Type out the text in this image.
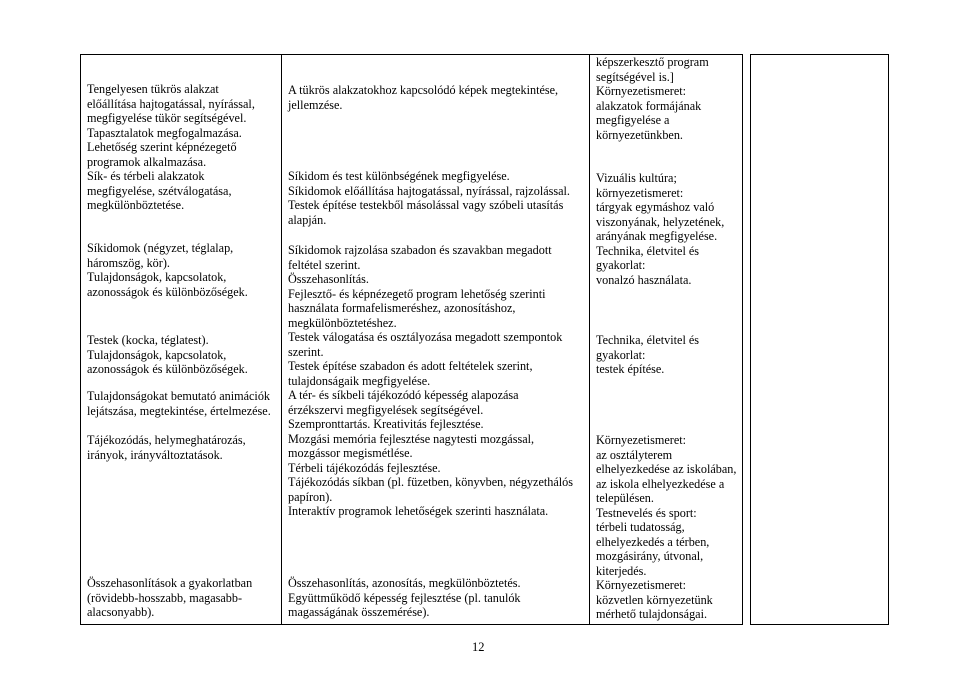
Tengelyesen tükrös alakzat

előállítása hajtogatással, nyírással,

megfigyelése tükör segítségével.

Tapasztalatok megfogalmazása.

Lehetőség szerint képnézegető

programok alkalmazása.

Sík- és térbeli alakzatok

megfigyelése, szétválogatása,

megkülönböztetése.

Síkidomok (négyzet, téglalap,

háromszög, kör).

Tulajdonságok, kapcsolatok,

azonosságok és különbözőségek.

Testek (kocka, téglatest).

Tulajdonságok, kapcsolatok,

azonosságok és különbözőségek.

Tulajdonságokat bemutató animációk

lejátszása, megtekintése, értelmezése.

Tájékozódás, helymeghatározás,

irányok, irányváltoztatások.

Összehasonlítások a gyakorlatban

(rövidebb-hosszabb, magasabb-

alacsonyabb).

A tükrös alakzatokhoz kapcsolódó képek megtekintése,

jellemzése.

Síkidom és test különbségének megfigyelése.

Síkidomok előállítása hajtogatással, nyírással, rajzolással.

Testek építése testekből másolással vagy szóbeli utasítás

alapján.

Síkidomok rajzolása szabadon és szavakban megadott

feltétel szerint.

Összehasonlítás.

Fejlesztő- és képnézegető program lehetőség szerinti

használata formafelismeréshez, azonosításhoz,

megkülönböztetéshez.

Testek válogatása és osztályozása megadott szempontok

szerint.

Testek építése szabadon és adott feltételek szerint,

tulajdonságaik megfigyelése.

A tér- és síkbeli tájékozódó képesség alapozása

érzékszervi megfigyelések segítségével.

Szempronttartás. Kreativitás fejlesztése.

Mozgási memória fejlesztése nagytesti mozgással,

mozgássor megismétlése.

Térbeli tájékozódás fejlesztése.

Tájékozódás síkban (pl. füzetben, könyvben, négyzethálós

papíron).

Interaktív programok lehetőségek szerinti használata.

Összehasonlítás, azonosítás, megkülönböztetés.

Együttműködő képesség fejlesztése (pl. tanulók

magasságának összemérése).

képszerkesztő program

segítségével is.]

Környezetismeret:

alakzatok formájának

megfigyelése a

környezetünkben.

Vizuális kultúra;

környezetismeret:

tárgyak egymáshoz való

viszonyának, helyzetének,

arányának megfigyelése.

Technika, életvitel és

gyakorlat:

vonalzó használata.

Technika, életvitel és

gyakorlat:

testek építése.

Környezetismeret:

az osztályterem

elhelyezkedése az iskolában,

az iskola elhelyezkedése a

településen.

Testnevelés és sport:

térbeli tudatosság,

elhelyezkedés a térben,

mozgásirány, útvonal,

kiterjedés.

Környezetismeret:

közvetlen környezetünk

mérhető tulajdonságai.

12
